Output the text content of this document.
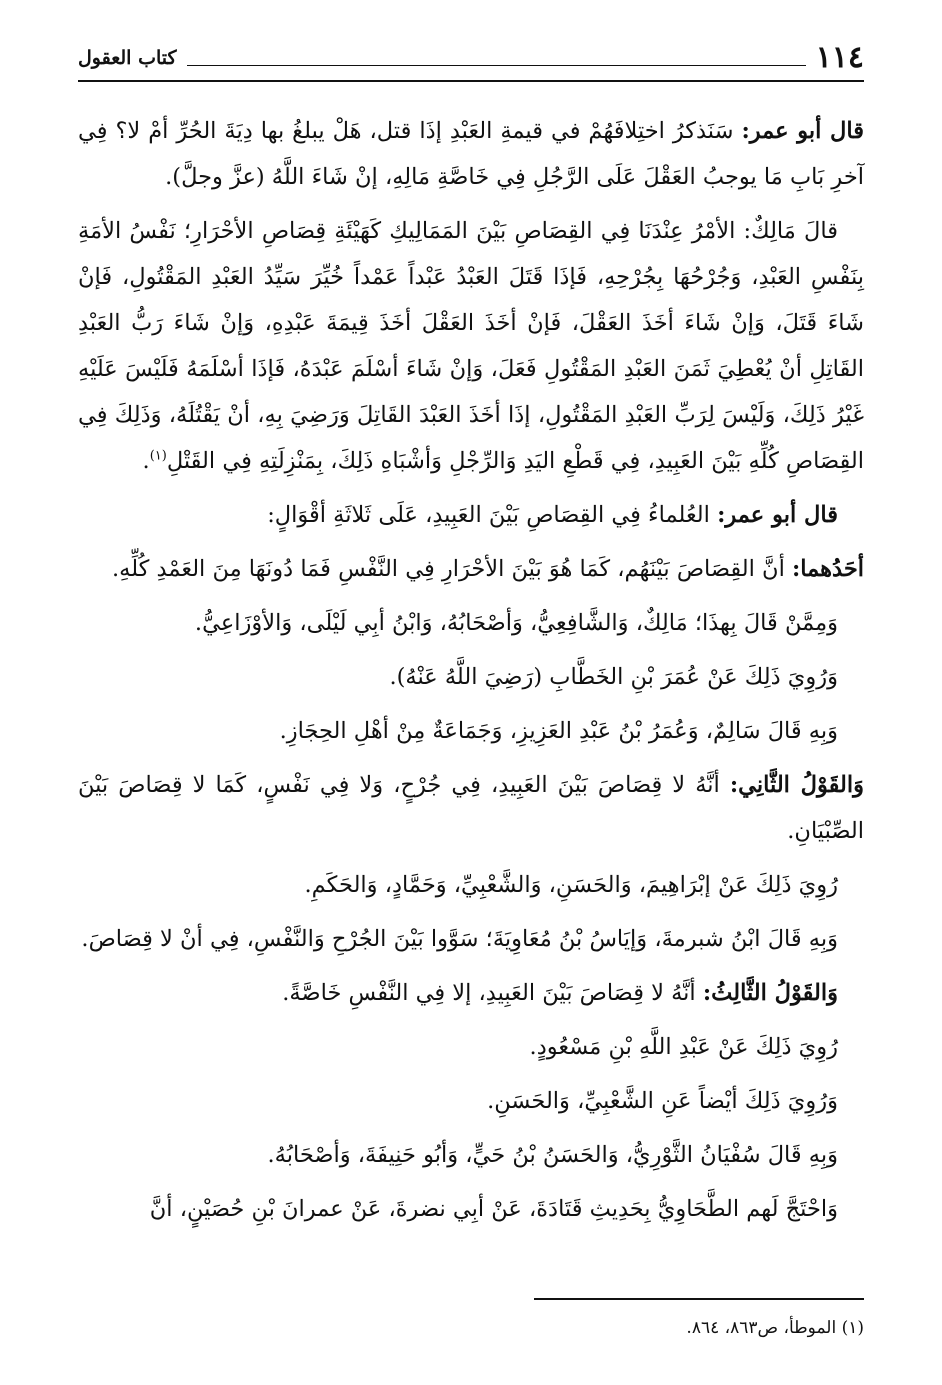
١١٤
كتاب العقول

قال أبو عمر: سَنَذكرُ اختِلافَهُمْ في قيمةِ العَبْدِ إذَا قتل، هَلْ يبلغُ بها دِيَةَ الحُرِّ أمْ لا؟ فِي آخرِ بَابِ مَا يوجبُ العَقْلَ عَلَى الرَّجُلِ فِي خَاصَّةِ مَالِهِ، إنْ شَاءَ اللَّهُ (عزَّ وجلَّ).

قالَ مَالِكٌ: الأمْرُ عِنْدَنَا فِي القِصَاصِ بَيْنَ المَمَالِيكِ كَهَيْئَةِ قِصَاصِ الأحْرَارِ؛ نَفْسُ الأمَةِ بِنَفْسِ العَبْدِ، وَجُرْحُهَا بِجُرْحِهِ، فَإذَا قَتَلَ العَبْدُ عَبْداً عَمْداً خُيِّرَ سَيِّدُ العَبْدِ المَقْتُولِ، فَإنْ شَاءَ قَتَلَ، وَإنْ شَاءَ أخَذَ العَقْلَ، فَإنْ أخَذَ العَقْلَ أخَذَ قِيمَةَ عَبْدِهِ، وَإنْ شَاءَ رَبُّ العَبْدِ القَاتِلِ أنْ يُعْطِيَ ثَمَنَ العَبْدِ المَقْتُولِ فَعَلَ، وَإنْ شَاءَ أسْلَمَ عَبْدَهُ، فَإذَا أسْلَمَهُ فَلَيْسَ عَلَيْهِ غَيْرُ ذَلِكَ، وَلَيْسَ لِرَبِّ العَبْدِ المَقْتُولِ، إذَا أخَذَ العَبْدَ القَاتِلَ وَرَضِيَ بِهِ، أنْ يَقْتُلَهُ، وَذَلِكَ فِي القِصَاصِ كُلِّهِ بَيْنَ العَبِيدِ، فِي قَطْعِ اليَدِ وَالرِّجْلِ وَأشْبَاهِ ذَلِكَ، بِمَنْزِلَتِهِ فِي القَتْلِ$^{(١)}$.

قال أبو عمر: العُلماءُ فِي القِصَاصِ بَيْنَ العَبِيدِ، عَلَى ثَلاثَةِ أقْوَالٍ:

أحَدُهما: أنَّ القِصَاصَ بَيْنَهُم، كَمَا هُوَ بَيْنَ الأحْرَارِ فِي النَّفْسِ فَمَا دُونَهَا مِنَ العَمْدِ كُلِّهِ.

وَمِمَّنْ قَالَ بِهذَا؛ مَالِكٌ، وَالشَّافِعِيُّ، وَأصْحَابُهُ، وَابْنُ أبِي لَيْلَى، وَالأوْزَاعِيُّ.

وَرُوِيَ ذَلِكَ عَنْ عُمَرَ بْنِ الخَطَّابِ (رَضِيَ اللَّهُ عَنْهُ).

وَبِهِ قَالَ سَالِمٌ، وَعُمَرُ بْنُ عَبْدِ العَزِيزِ، وَجَمَاعَةٌ مِنْ أهْلِ الحِجَازِ.

وَالقَوْلُ الثَّانِي: أنَّهُ لا قِصَاصَ بَيْنَ العَبِيدِ، فِي جُرْحٍ، وَلا فِي نَفْسٍ، كَمَا لا قِصَاصَ بَيْنَ الصِّبْيَانِ.

رُوِيَ ذَلِكَ عَنْ إبْرَاهِيمَ، وَالحَسَنِ، وَالشَّعْبِيِّ، وَحَمَّادٍ، وَالحَكَمِ.

وَبِهِ قَالَ ابْنُ شبرمةَ، وَإيَاسُ بْنُ مُعَاوِيَةَ؛ سَوَّوا بَيْنَ الجُرْحِ وَالنَّفْسِ، فِي أنْ لا قِصَاصَ.

وَالقَوْلُ الثَّالِثُ: أنَّهُ لا قِصَاصَ بَيْنَ العَبِيدِ، إلا فِي النَّفْسِ خَاصَّةً.

رُوِيَ ذَلِكَ عَنْ عَبْدِ اللَّهِ بْنِ مَسْعُودٍ.

وَرُوِيَ ذَلِكَ أيْضاً عَنِ الشَّعْبِيِّ، وَالحَسَنِ.

وَبِهِ قَالَ سُفْيَانُ الثَّوْرِيُّ، وَالحَسَنُ بْنُ حَيٍّ، وَأبُو حَنِيفَةَ، وَأصْحَابُهُ.

وَاحْتَجَّ لَهم الطَّحَاوِيُّ بِحَدِيثِ قَتَادَةَ، عَنْ أبِي نضرةَ، عَنْ عمرانَ بْنِ حُصَيْنٍ، أنَّ

(١) الموطأ، ص٨٦٣، ٨٦٤.
